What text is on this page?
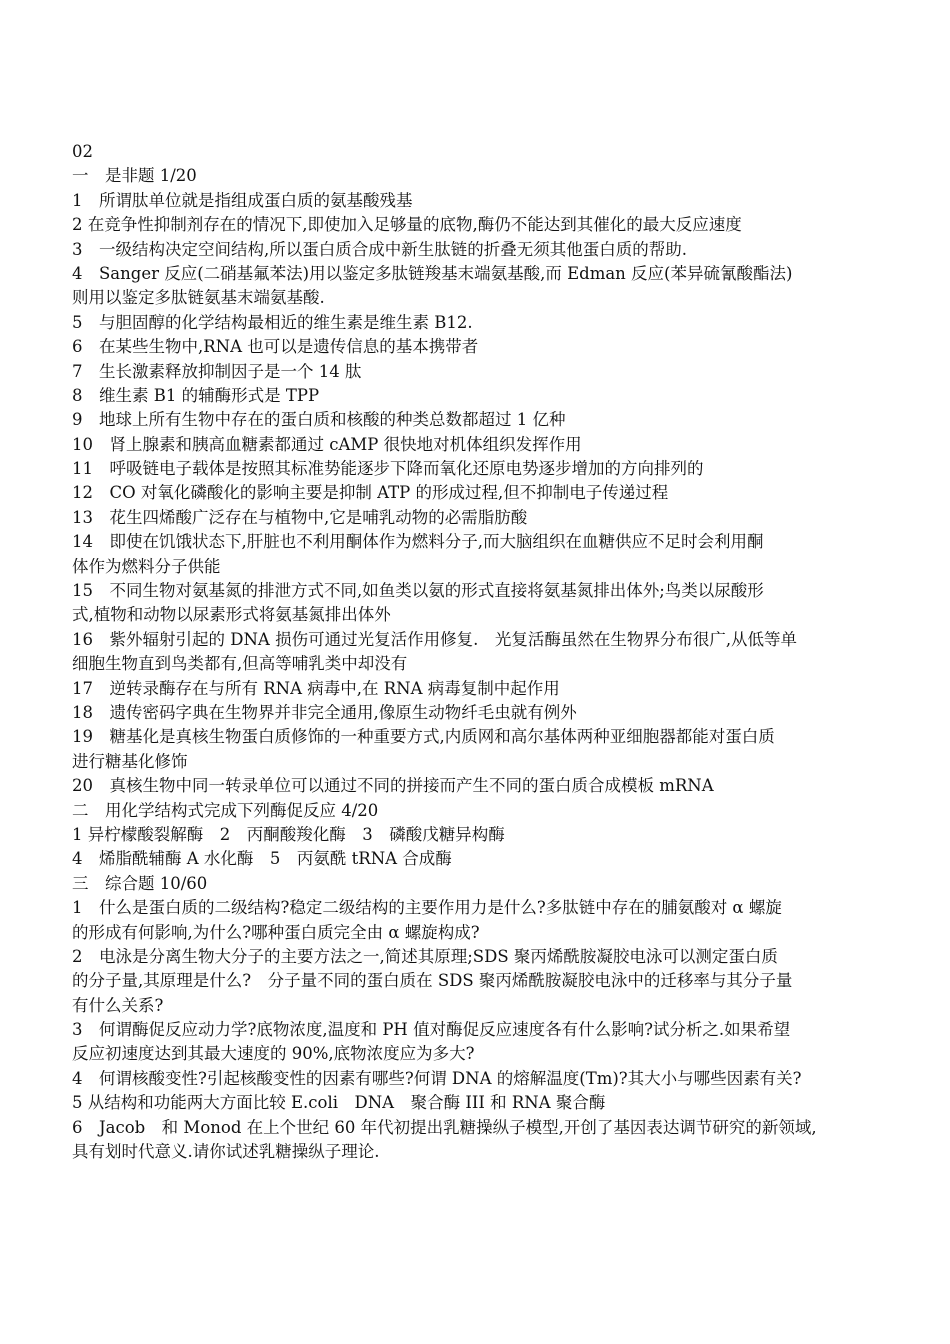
02
一　是非题 1/20
1　所谓肽单位就是指组成蛋白质的氨基酸残基
2 在竞争性抑制剂存在的情况下,即使加入足够量的底物,酶仍不能达到其催化的最大反应速度
3　一级结构决定空间结构,所以蛋白质合成中新生肽链的折叠无须其他蛋白质的帮助.
4　Sanger 反应(二硝基氟苯法)用以鉴定多肽链羧基末端氨基酸,而 Edman 反应(苯异硫氰酸酯法)
则用以鉴定多肽链氨基末端氨基酸.
5　与胆固醇的化学结构最相近的维生素是维生素 B12.
6　在某些生物中,RNA 也可以是遗传信息的基本携带者
7　生长激素释放抑制因子是一个 14 肽
8　维生素 B1 的辅酶形式是 TPP
9　地球上所有生物中存在的蛋白质和核酸的种类总数都超过 1 亿种
10　肾上腺素和胰高血糖素都通过 cAMP 很快地对机体组织发挥作用
11　呼吸链电子载体是按照其标准势能逐步下降而氧化还原电势逐步增加的方向排列的
12　CO 对氧化磷酸化的影响主要是抑制 ATP 的形成过程,但不抑制电子传递过程
13　花生四烯酸广泛存在与植物中,它是哺乳动物的必需脂肪酸
14　即使在饥饿状态下,肝脏也不利用酮体作为燃料分子,而大脑组织在血糖供应不足时会利用酮
体作为燃料分子供能
15　不同生物对氨基氮的排泄方式不同,如鱼类以氨的形式直接将氨基氮排出体外;鸟类以尿酸形
式,植物和动物以尿素形式将氨基氮排出体外
16　紫外辐射引起的 DNA 损伤可通过光复活作用修复.　光复活酶虽然在生物界分布很广,从低等单
细胞生物直到鸟类都有,但高等哺乳类中却没有
17　逆转录酶存在与所有 RNA 病毒中,在 RNA 病毒复制中起作用
18　遗传密码字典在生物界并非完全通用,像原生动物纤毛虫就有例外
19　糖基化是真核生物蛋白质修饰的一种重要方式,内质网和高尔基体两种亚细胞器都能对蛋白质
进行糖基化修饰
20　真核生物中同一转录单位可以通过不同的拼接而产生不同的蛋白质合成模板 mRNA
二　用化学结构式完成下列酶促反应 4/20
1 异柠檬酸裂解酶　2　丙酮酸羧化酶　3　磷酸戊糖异构酶
4　烯脂酰辅酶 A 水化酶　5　丙氨酰 tRNA 合成酶
三　综合题 10/60
1　什么是蛋白质的二级结构?稳定二级结构的主要作用力是什么?多肽链中存在的脯氨酸对 α 螺旋
的形成有何影响,为什么?哪种蛋白质完全由 α 螺旋构成?
2　电泳是分离生物大分子的主要方法之一,简述其原理;SDS 聚丙烯酰胺凝胶电泳可以测定蛋白质
的分子量,其原理是什么?　分子量不同的蛋白质在 SDS 聚丙烯酰胺凝胶电泳中的迁移率与其分子量
有什么关系?
3　何谓酶促反应动力学?底物浓度,温度和 PH 值对酶促反应速度各有什么影响?试分析之.如果希望
反应初速度达到其最大速度的 90%,底物浓度应为多大?
4　何谓核酸变性?引起核酸变性的因素有哪些?何谓 DNA 的熔解温度(Tm)?其大小与哪些因素有关?
5 从结构和功能两大方面比较 E.coli　DNA　聚合酶 III 和 RNA 聚合酶
6　Jacob　和 Monod 在上个世纪 60 年代初提出乳糖操纵子模型,开创了基因表达调节研究的新领域,
具有划时代意义.请你试述乳糖操纵子理论.
